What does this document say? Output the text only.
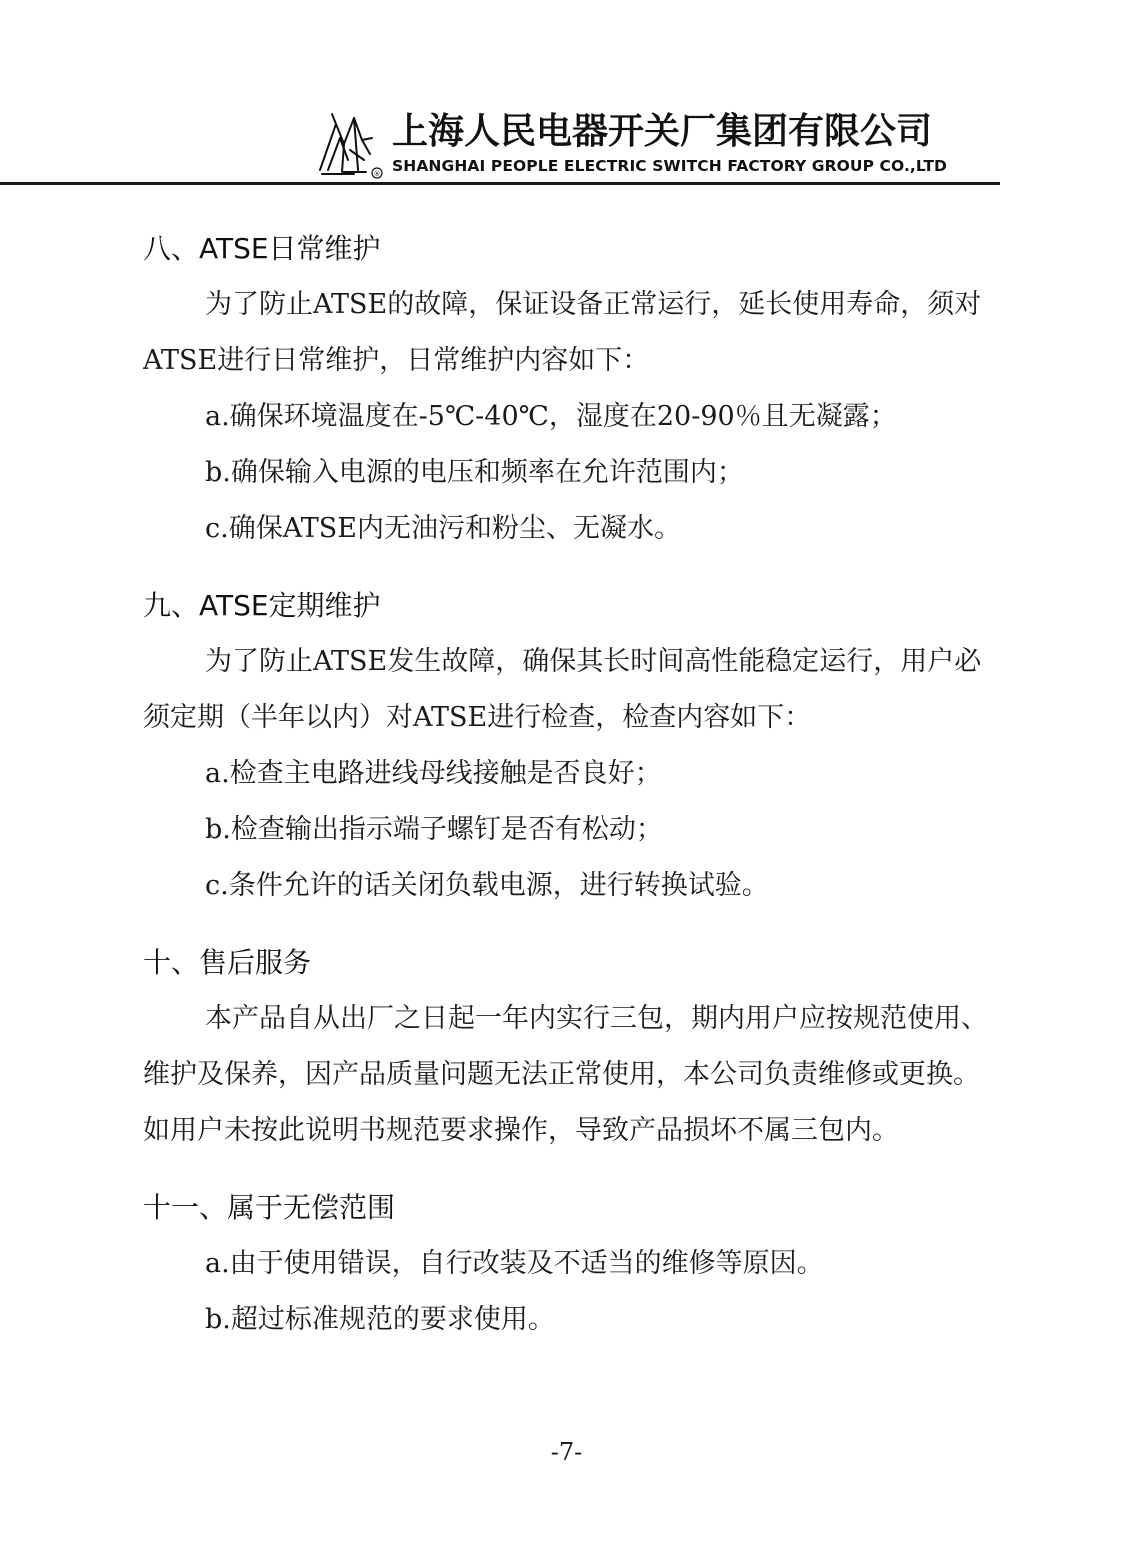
®
上海人民电器开关厂集团有限公司
SHANGHAI PEOPLE ELECTRIC SWITCH FACTORY GROUP CO.,LTD
八、ATSE日常维护

为了防止ATSE的故障，保证设备正常运行，延长使用寿命，须对ATSE进行日常维护，日常维护内容如下：

a.确保环境温度在-5℃-40℃，湿度在20-90％且无凝露；
b.确保输入电源的电压和频率在允许范围内；
c.确保ATSE内无油污和粉尘、无凝水。
九、ATSE定期维护

为了防止ATSE发生故障，确保其长时间高性能稳定运行，用户必须定期（半年以内）对ATSE进行检查，检查内容如下：

a.检查主电路进线母线接触是否良好；
b.检查输出指示端子螺钉是否有松动；
c.条件允许的话关闭负载电源，进行转换试验。
十、售后服务

本产品自从出厂之日起一年内实行三包，期内用户应按规范使用、维护及保养，因产品质量问题无法正常使用，本公司负责维修或更换。如用户未按此说明书规范要求操作，导致产品损坏不属三包内。

十一、属于无偿范围
a.由于使用错误，自行改装及不适当的维修等原因。
b.超过标准规范的要求使用。
-7-
